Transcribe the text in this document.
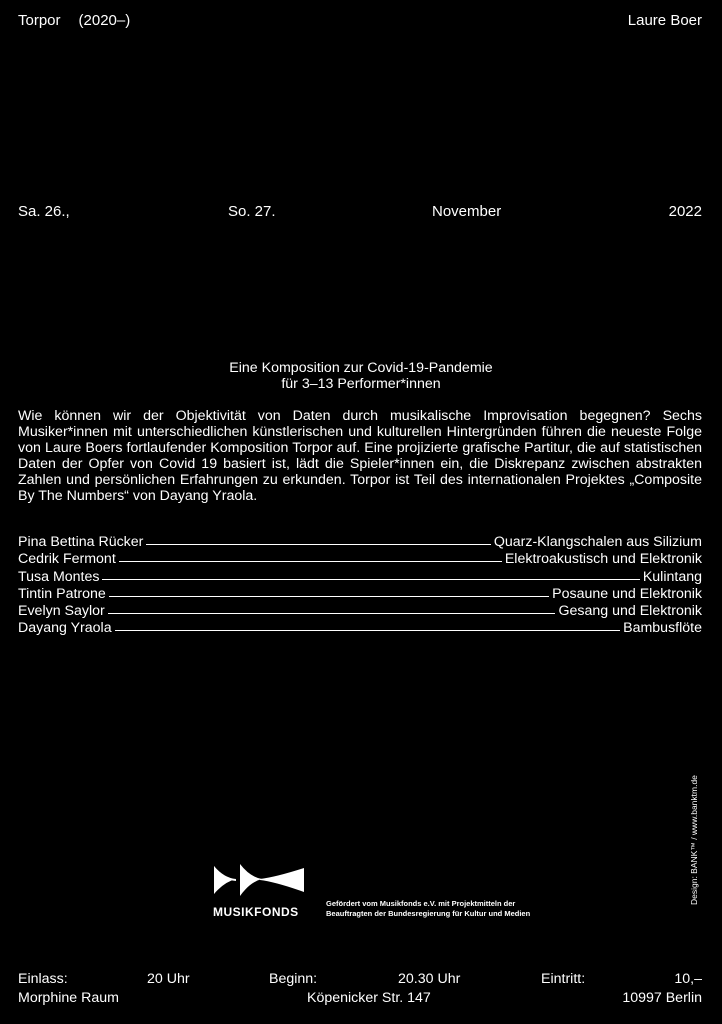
Torpor (2020–)	Laure Boer
Sa. 26.,	So. 27.	November	2022
Eine Komposition zur Covid-19-Pandemie
für 3–13 Performer*innen
Wie können wir der Objektivität von Daten durch musikalische Improvisation begegnen? Sechs Musiker*innen mit unterschiedlichen künstlerischen und kulturellen Hintergründen führen die neueste Folge von Laure Boers fortlaufender Komposition Torpor auf. Eine projizierte grafische Partitur, die auf statistischen Daten der Opfer von Covid 19 basiert ist, lädt die Spieler*innen ein, die Diskrepanz zwischen abstrakten Zahlen und persönlichen Erfahrungen zu erkunden. Torpor ist Teil des internationalen Projektes „Composite By The Numbers“ von Dayang Yraola.
Pina Bettina Rücker	Quarz-Klangschalen aus Silizium
Cedrik Fermont	Elektroakustisch und Elektronik
Tusa Montes	Kulintang
Tintin Patrone	Posaune und Elektronik
Evelyn Saylor	Gesang und Elektronik
Dayang Yraola	Bambusflöte
Design: BANK™ / www.banktm.de
MUSIKFONDS
Gefördert vom Musikfonds e.V. mit Projektmitteln der
Beauftragten der Bundesregierung für Kultur und Medien
Einlass:	20 Uhr	Beginn:	20.30 Uhr	Eintritt:	10,–
Morphine Raum	Köpenicker Str. 147	10997 Berlin
